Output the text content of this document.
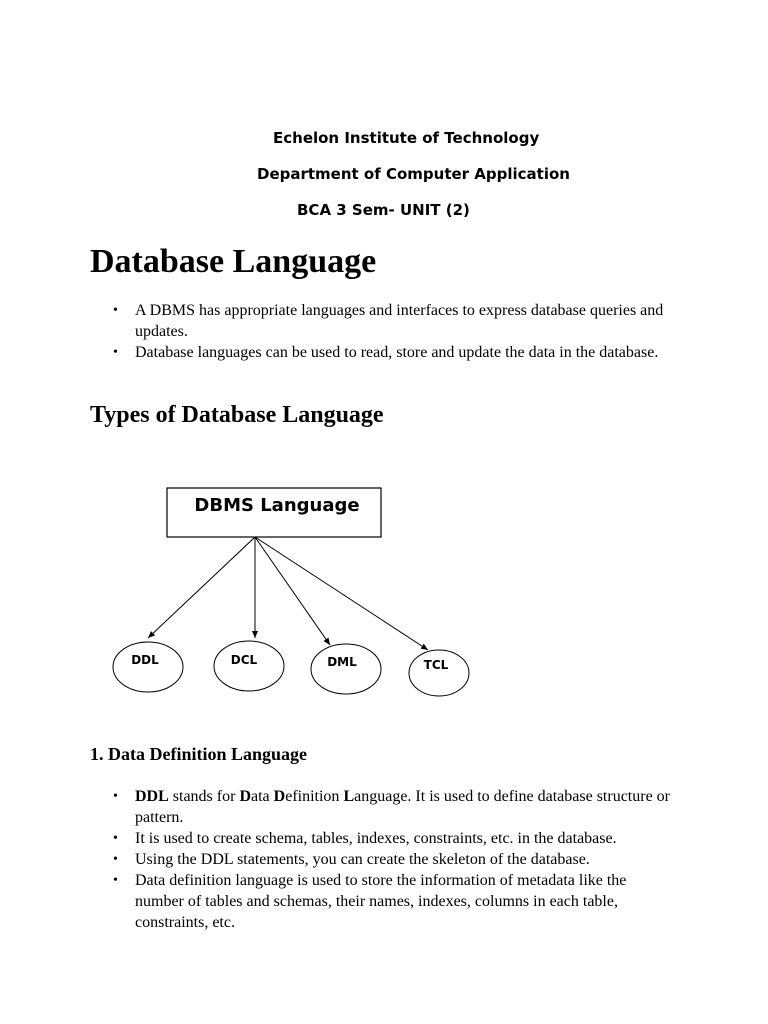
Echelon Institute of Technology
Department of Computer Application
BCA 3 Sem- UNIT (2)
Database Language
• A DBMS has appropriate languages and interfaces to express database queries and updates.
• Database languages can be used to read, store and update the data in the database.
Types of Database Language
DBMS Language
DDL	DCL	DML	TCL
1. Data Definition Language
• DDL stands for Data Definition Language. It is used to define database structure or pattern.
• It is used to create schema, tables, indexes, constraints, etc. in the database.
• Using the DDL statements, you can create the skeleton of the database.
• Data definition language is used to store the information of metadata like the number of tables and schemas, their names, indexes, columns in each table, constraints, etc.
